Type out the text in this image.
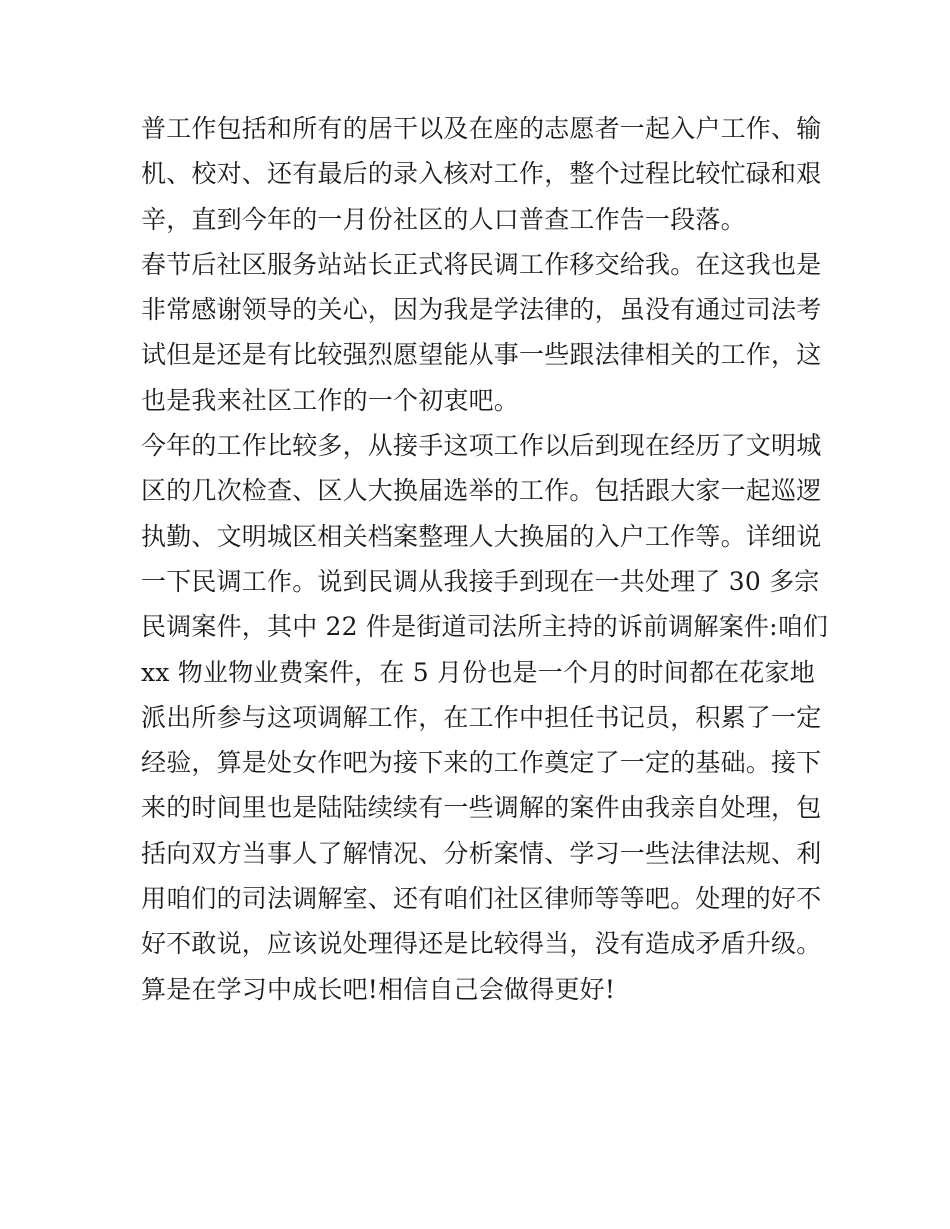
普工作包括和所有的居干以及在座的志愿者一起入户工作、输
机、校对、还有最后的录入核对工作，整个过程比较忙碌和艰
辛，直到今年的一月份社区的人口普查工作告一段落。
春节后社区服务站站长正式将民调工作移交给我。在这我也是
非常感谢领导的关心，因为我是学法律的，虽没有通过司法考
试但是还是有比较强烈愿望能从事一些跟法律相关的工作，这
也是我来社区工作的一个初衷吧。
今年的工作比较多，从接手这项工作以后到现在经历了文明城
区的几次检查、区人大换届选举的工作。包括跟大家一起巡逻
执勤、文明城区相关档案整理人大换届的入户工作等。详细说
一下民调工作。说到民调从我接手到现在一共处理了 30 多宗
民调案件，其中 22 件是街道司法所主持的诉前调解案件:咱们
xx 物业物业费案件，在 5 月份也是一个月的时间都在花家地
派出所参与这项调解工作，在工作中担任书记员，积累了一定
经验，算是处女作吧为接下来的工作奠定了一定的基础。接下
来的时间里也是陆陆续续有一些调解的案件由我亲自处理，包
括向双方当事人了解情况、分析案情、学习一些法律法规、利
用咱们的司法调解室、还有咱们社区律师等等吧。处理的好不
好不敢说，应该说处理得还是比较得当，没有造成矛盾升级。
算是在学习中成长吧!相信自己会做得更好!
